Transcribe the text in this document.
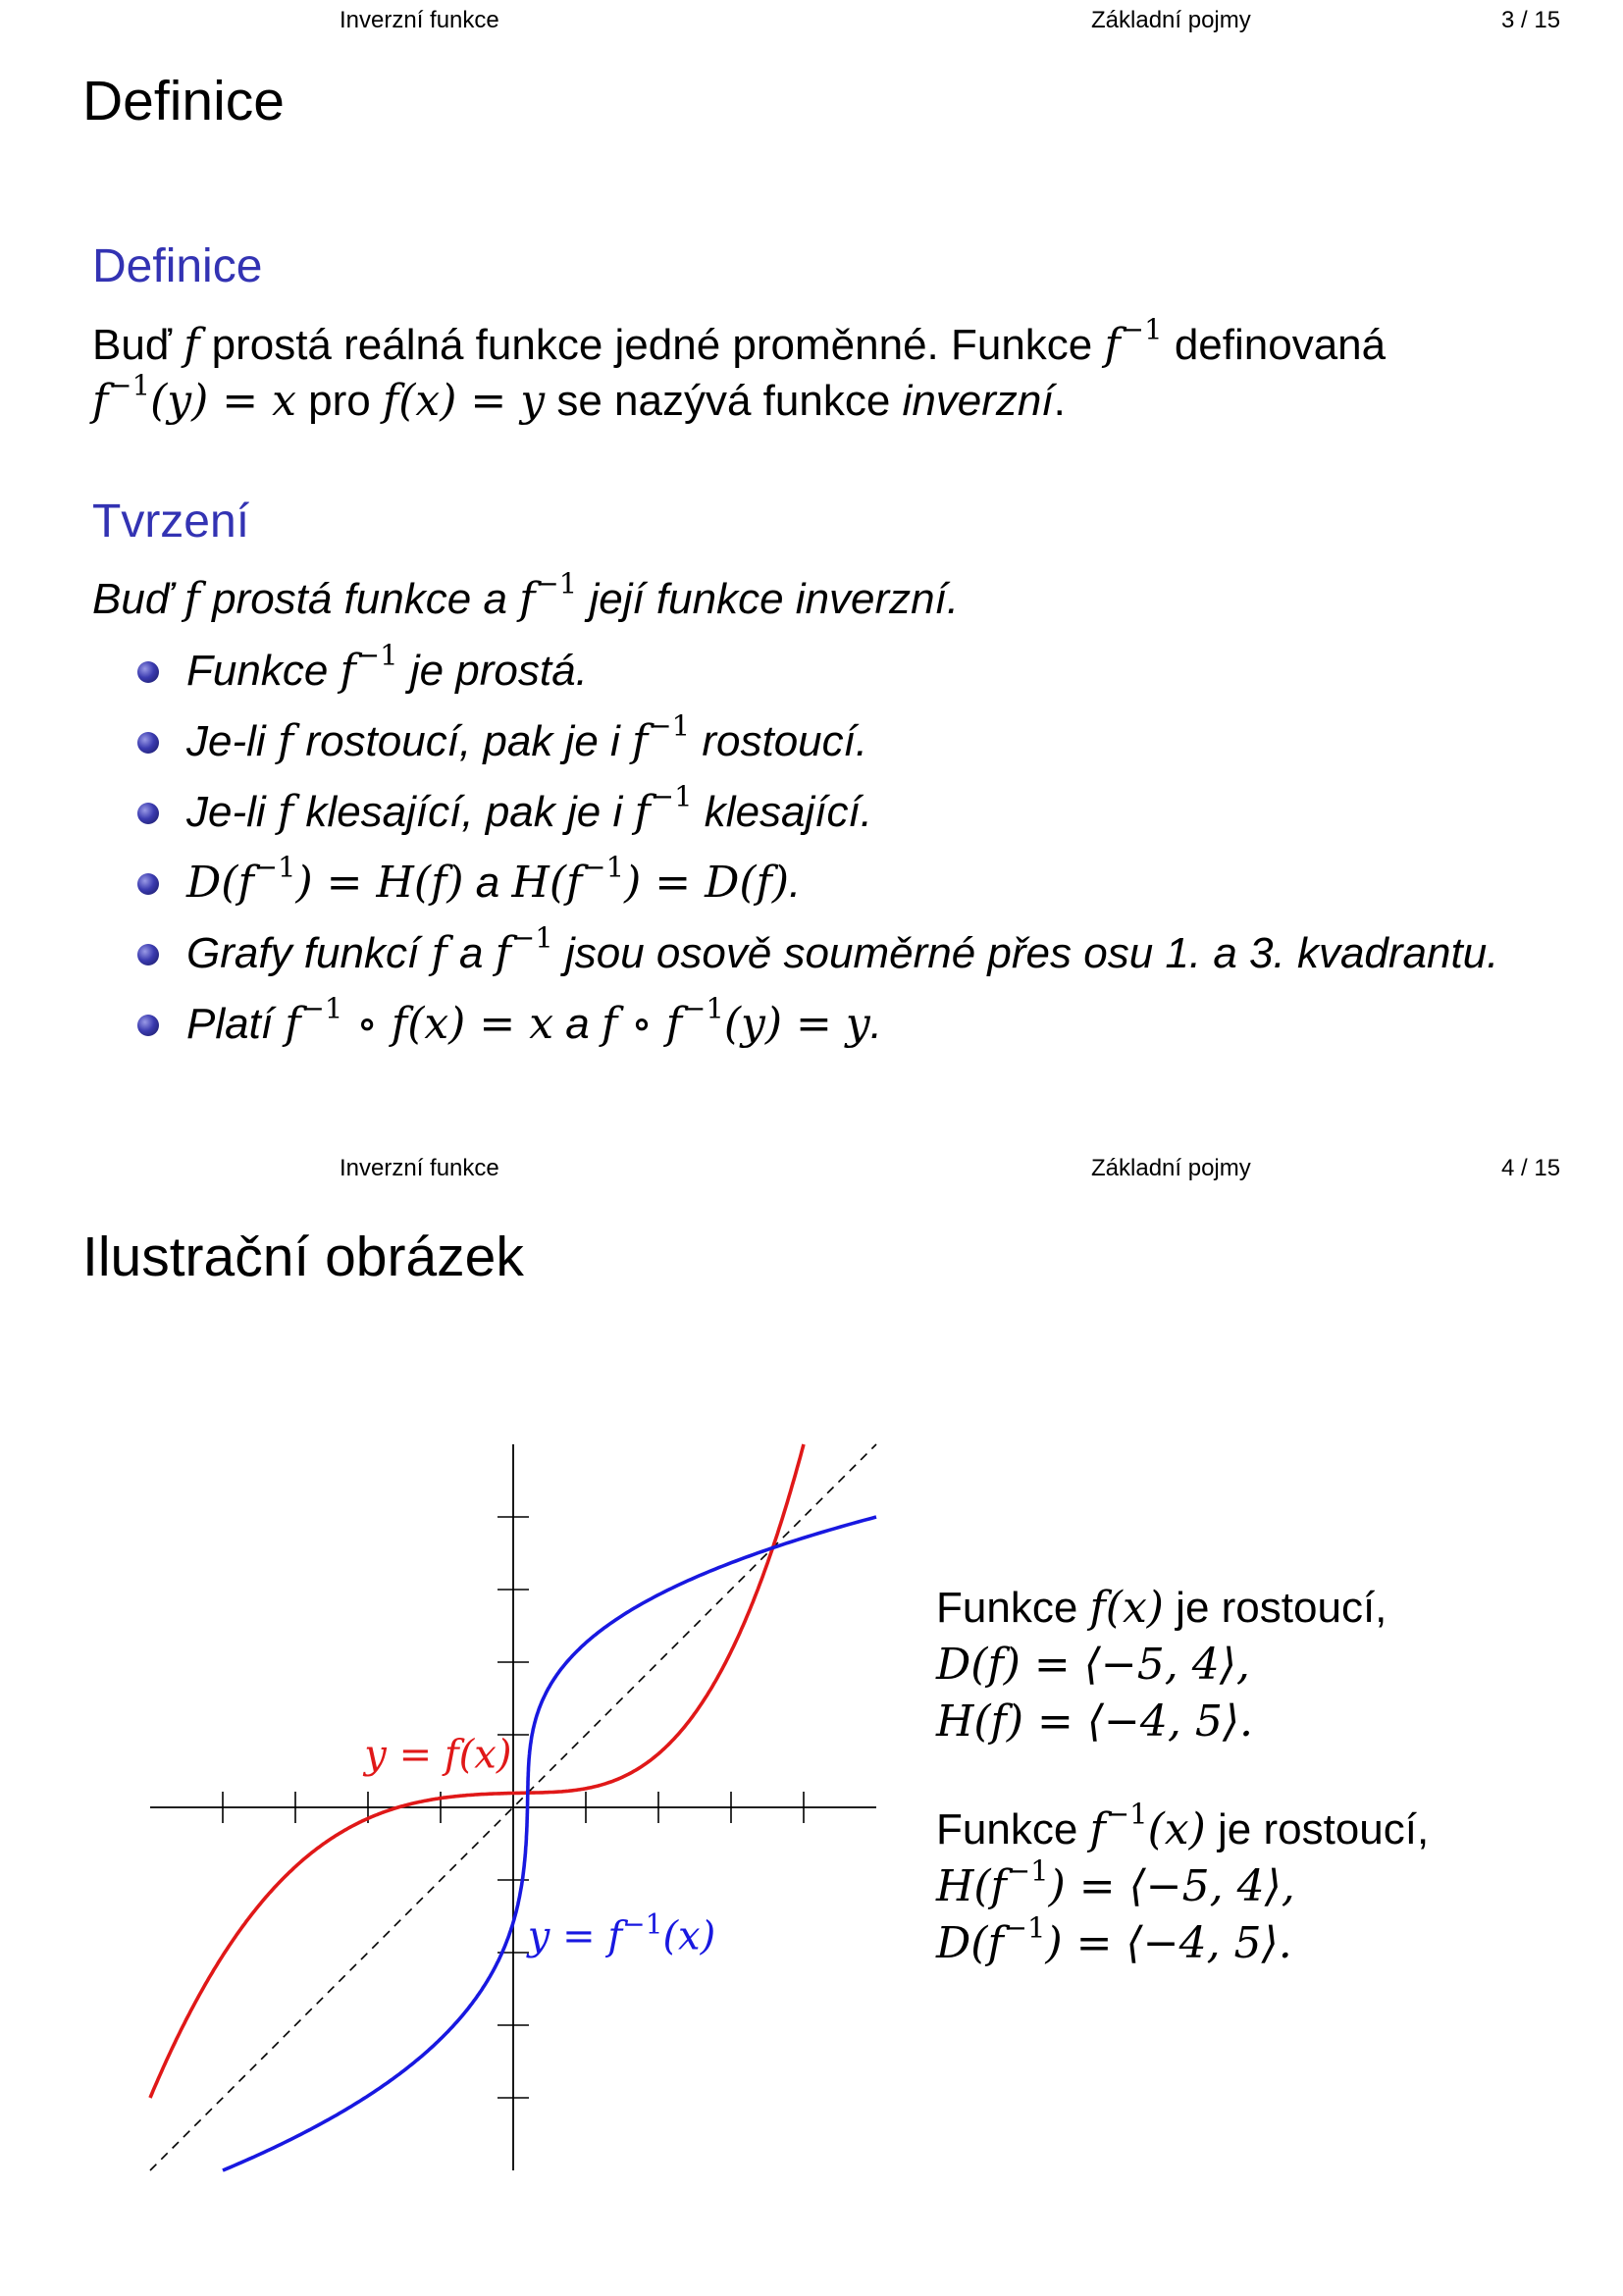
Inverzní funkce	Základní pojmy	3 / 15
Definice
Definice
Buď f prostá reálná funkce jedné proměnné. Funkce $f^{-1}$ definovaná
$f^{-1}(y) = x$ pro f(x) = y se nazývá funkce inverzní.
Tvrzení
Buď f prostá funkce a $f^{-1}$ její funkce inverzní.
Funkce $f^{-1}$ je prostá.
Je-li f rostoucí, pak je i $f^{-1}$ rostoucí.
Je-li f klesající, pak je i $f^{-1}$ klesající.
$D(f^{-1}) = H(f)$ a $H(f^{-1}) = D(f)$.
Grafy funkcí f a $f^{-1}$ jsou osově souměrné přes osu 1. a 3. kvadrantu.
Platí $f^{-1}$ ∘ f(x) = x a f ∘ $f^{-1}(y) = y$.
Inverzní funkce	Základní pojmy	4 / 15
Ilustrační obrázek
y = f(x)
$y = f^{-1}(x)$
Funkce f(x) je rostoucí,
D(f) = ⟨−5, 4⟩,
H(f) = ⟨−4, 5⟩.
Funkce $f^{-1}(x)$ je rostoucí,
$H(f^{-1})$ = ⟨−5, 4⟩,
$D(f^{-1})$ = ⟨−4, 5⟩.
